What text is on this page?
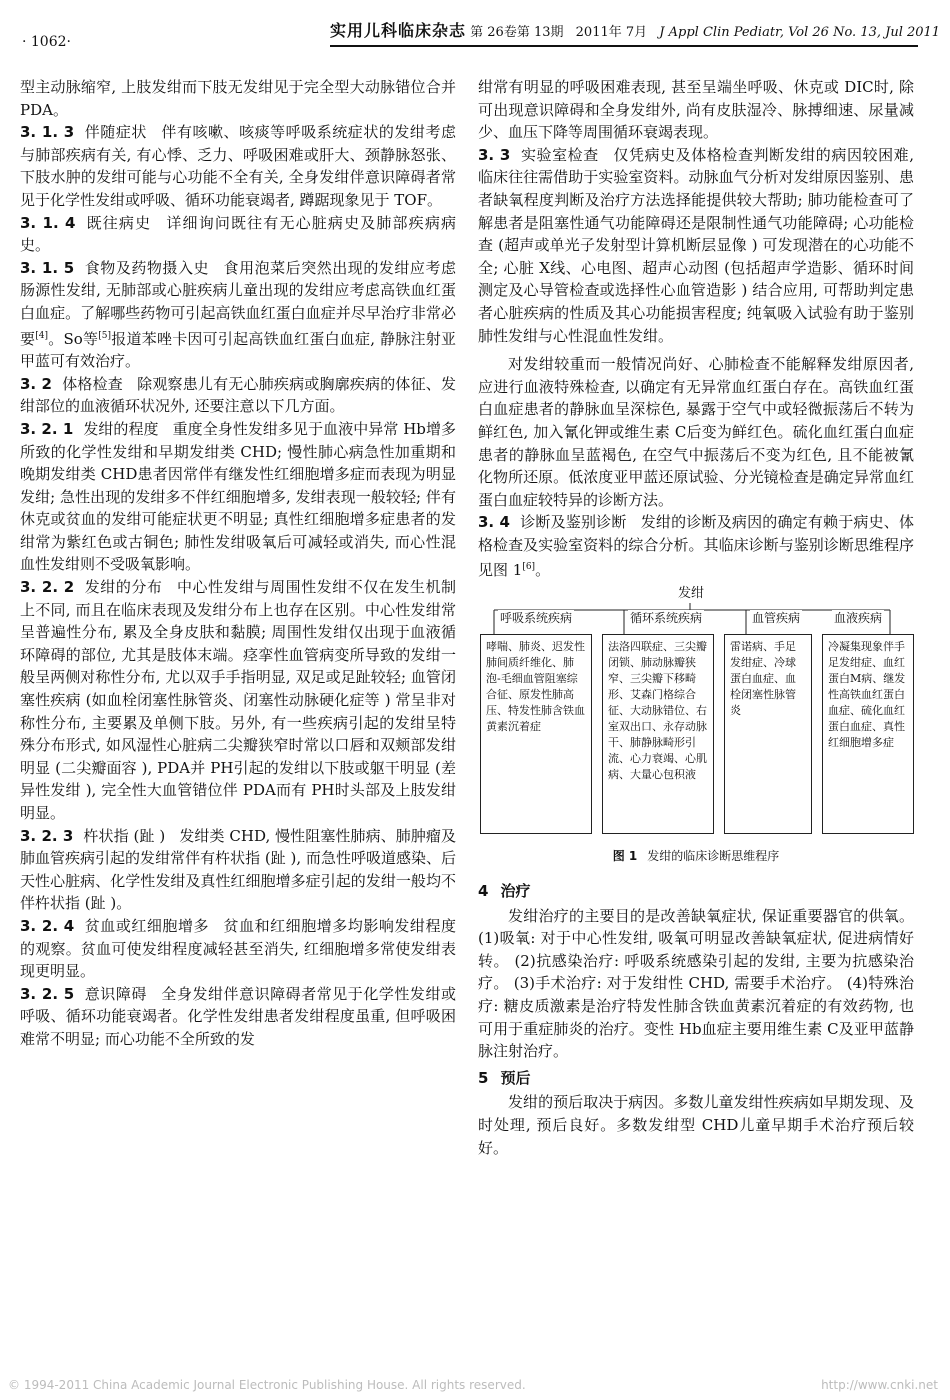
· 1062·
实用儿科临床杂志 第 26卷第 13期 2011年 7月 J Appl Clin Pediatr, Vol 26 No. 13, Jul 2011

型主动脉缩窄, 上肢发绀而下肢无发绀见于完全型大动脉错位合并 PDA。

3. 1. 3 伴随症状 伴有咳嗽、咳痰等呼吸系统症状的发绀考虑与肺部疾病有关, 有心悸、乏力、呼吸困难或肝大、颈静脉怒张、下肢水肿的发绀可能与心功能不全有关, 全身发绀伴意识障碍者常见于化学性发绀或呼吸、循环功能衰竭者, 蹲踞现象见于 TOF。

3. 1. 4 既往病史 详细询问既往有无心脏病史及肺部疾病病史。

3. 1. 5 食物及药物摄入史 食用泡菜后突然出现的发绀应考虑肠源性发绀, 无肺部或心脏疾病儿童出现的发绀应考虑高铁血红蛋白血症。了解哪些药物可引起高铁血红蛋白血症并尽早治疗非常必要[4]。So等[5]报道苯唑卡因可引起高铁血红蛋白血症, 静脉注射亚甲蓝可有效治疗。

3. 2 体格检查 除观察患儿有无心肺疾病或胸廓疾病的体征、发绀部位的血液循环状况外, 还要注意以下几方面。

3. 2. 1 发绀的程度 重度全身性发绀多见于血液中异常 Hb增多所致的化学性发绀和早期发绀类 CHD; 慢性肺心病急性加重期和晚期发绀类 CHD患者因常伴有继发性红细胞增多症而表现为明显发绀; 急性出现的发绀多不伴红细胞增多, 发绀表现一般较轻; 伴有休克或贫血的发绀可能症状更不明显; 真性红细胞增多症患者的发绀常为紫红色或古铜色; 肺性发绀吸氧后可减轻或消失, 而心性混血性发绀则不受吸氧影响。

3. 2. 2 发绀的分布 中心性发绀与周围性发绀不仅在发生机制上不同, 而且在临床表现及发绀分布上也存在区别。中心性发绀常呈普遍性分布, 累及全身皮肤和黏膜; 周围性发绀仅出现于血液循环障碍的部位, 尤其是肢体末端。痉挛性血管病变所导致的发绀一般呈两侧对称性分布, 尤以双手手指明显, 双足或足趾较轻; 血管闭塞性疾病 (如血栓闭塞性脉管炎、闭塞性动脉硬化症等 ) 常呈非对称性分布, 主要累及单侧下肢。另外, 有一些疾病引起的发绀呈特殊分布形式, 如风湿性心脏病二尖瓣狭窄时常以口唇和双颊部发绀明显 (二尖瓣面容 ), PDA并 PH引起的发绀以下肢或躯干明显 (差异性发绀 ), 完全性大血管错位伴 PDA而有 PH时头部及上肢发绀明显。

3. 2. 3 杵状指 (趾 ) 发绀类 CHD, 慢性阻塞性肺病、肺肿瘤及肺血管疾病引起的发绀常伴有杵状指 (趾 ), 而急性呼吸道感染、后天性心脏病、化学性发绀及真性红细胞增多症引起的发绀一般均不伴杵状指 (趾 )。

3. 2. 4 贫血或红细胞增多 贫血和红细胞增多均影响发绀程度的观察。贫血可使发绀程度减轻甚至消失, 红细胞增多常使发绀表现更明显。

3. 2. 5 意识障碍 全身发绀伴意识障碍者常见于化学性发绀或呼吸、循环功能衰竭者。化学性发绀患者发绀程度虽重, 但呼吸困难常不明显; 而心功能不全所致的发

绀常有明显的呼吸困难表现, 甚至呈端坐呼吸、休克或 DIC时, 除可出现意识障碍和全身发绀外, 尚有皮肤湿冷、脉搏细速、尿量减少、血压下降等周围循环衰竭表现。

3. 3 实验室检查 仅凭病史及体格检查判断发绀的病因较困难, 临床往往需借助于实验室资料。动脉血气分析对发绀原因鉴别、患者缺氧程度判断及治疗方法选择能提供较大帮助; 肺功能检查可了解患者是阻塞性通气功能障碍还是限制性通气功能障碍; 心功能检查 (超声或单光子发射型计算机断层显像 ) 可发现潜在的心功能不全; 心脏 X线、心电图、超声心动图 (包括超声学造影、循环时间测定及心导管检查或选择性心血管造影 ) 结合应用, 可帮助判定患者心脏疾病的性质及其心功能损害程度; 纯氧吸入试验有助于鉴别肺性发绀与心性混血性发绀。

对发绀较重而一般情况尚好、心肺检查不能解释发绀原因者, 应进行血液特殊检查, 以确定有无异常血红蛋白存在。高铁血红蛋白血症患者的静脉血呈深棕色, 暴露于空气中或轻微振荡后不转为鲜红色, 加入氰化钾或维生素 C后变为鲜红色。硫化血红蛋白血症患者的静脉血呈蓝褐色, 在空气中振荡后不变为红色, 且不能被氰化物所还原。低浓度亚甲蓝还原试验、分光镜检查是确定异常血红蛋白血症较特异的诊断方法。

3. 4 诊断及鉴别诊断 发绀的诊断及病因的确定有赖于病史、体格检查及实验室资料的综合分析。其临床诊断与鉴别诊断思维程序见图 1[6]。

发绀
呼吸系统疾病	循环系统疾病	血管疾病	血液疾病
哮喘、肺炎、迟发性肺间质纤维化、肺泡-毛细血管阻塞综合征、原发性肺高压、特发性肺含铁血黄素沉着症
法洛四联症、三尖瓣闭锁、肺动脉瓣狭窄、三尖瓣下移畸形、艾森门格综合征、大动脉错位、右室双出口、永存动脉干、肺静脉畸形引流、心力衰竭、心肌病、大量心包积液
雷诺病、手足发绀症、冷球蛋白血症、血栓闭塞性脉管炎
冷凝集现象伴手足发绀症、血红蛋白M病、继发性高铁血红蛋白血症、硫化血红蛋白血症、真性红细胞增多症
图 1 发绀的临床诊断思维程序

4 治疗

发绀治疗的主要目的是改善缺氧症状, 保证重要器官的供氧。 (1)吸氧: 对于中心性发绀, 吸氧可明显改善缺氧症状, 促进病情好转。 (2)抗感染治疗: 呼吸系统感染引起的发绀, 主要为抗感染治疗。 (3)手术治疗: 对于发绀性 CHD, 需要手术治疗。 (4)特殊治疗: 糖皮质激素是治疗特发性肺含铁血黄素沉着症的有效药物, 也可用于重症肺炎的治疗。变性 Hb血症主要用维生素 C及亚甲蓝静脉注射治疗。

5 预后

发绀的预后取决于病因。多数儿童发绀性疾病如早期发现、及时处理, 预后良好。多数发绀型 CHD儿童早期手术治疗预后较好。

© 1994-2011 China Academic Journal Electronic Publishing House. All rights reserved.	http://www.cnki.net
